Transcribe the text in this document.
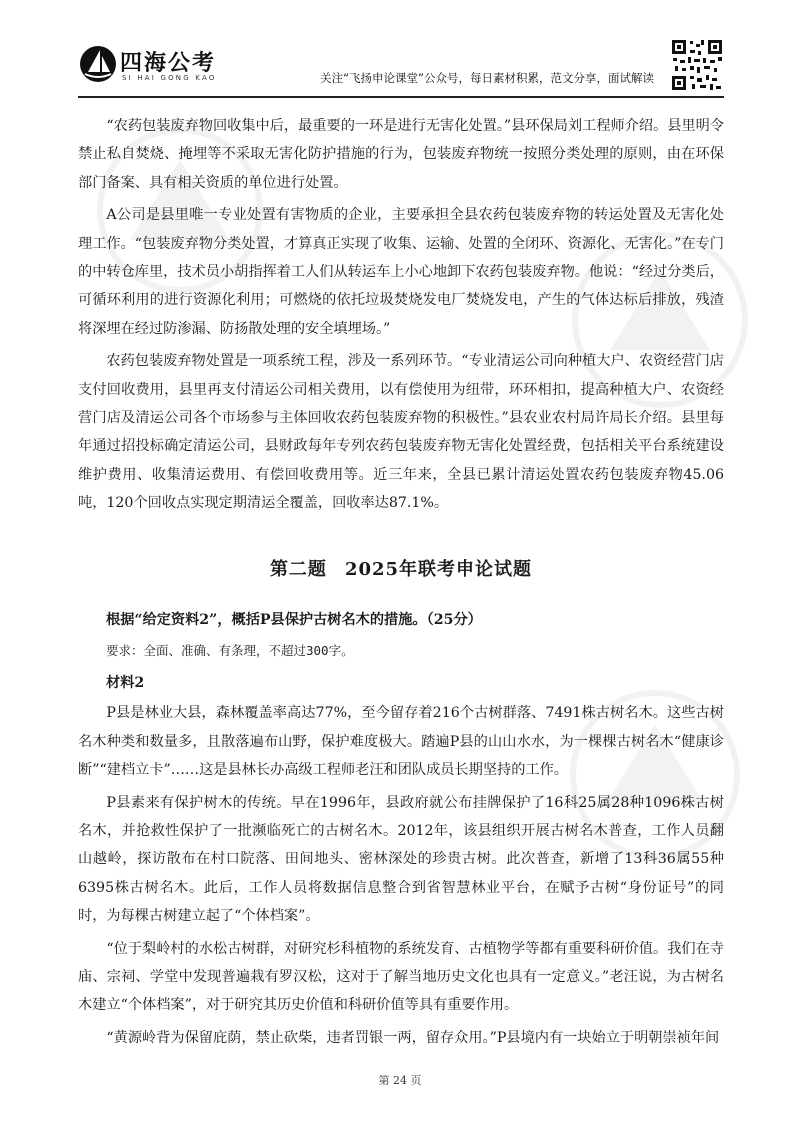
四海公考
SI HAI GONG KAO	关注“飞扬申论课堂”公众号，每日素材积累，范文分享，面试解读

“农药包装废弃物回收集中后，最重要的一环是进行无害化处置。”县环保局刘工程师介绍。县里明令禁止私自焚烧、掩埋等不采取无害化防护措施的行为，包装废弃物统一按照分类处理的原则，由在环保部门备案、具有相关资质的单位进行处置。

A公司是县里唯一专业处置有害物质的企业，主要承担全县农药包装废弃物的转运处置及无害化处理工作。“包装废弃物分类处置，才算真正实现了收集、运输、处置的全闭环、资源化、无害化。”在专门的中转仓库里，技术员小胡指挥着工人们从转运车上小心地卸下农药包装废弃物。他说：“经过分类后，可循环利用的进行资源化利用；可燃烧的依托垃圾焚烧发电厂焚烧发电，产生的气体达标后排放，残渣将深埋在经过防渗漏、防扬散处理的安全填埋场。”

农药包装废弃物处置是一项系统工程，涉及一系列环节。“专业清运公司向种植大户、农资经营门店支付回收费用，县里再支付清运公司相关费用，以有偿使用为纽带，环环相扣，提高种植大户、农资经营门店及清运公司各个市场参与主体回收农药包装废弃物的积极性。”县农业农村局许局长介绍。县里每年通过招投标确定清运公司，县财政每年专列农药包装废弃物无害化处置经费，包括相关平台系统建设维护费用、收集清运费用、有偿回收费用等。近三年来，全县已累计清运处置农药包装废弃物45.06吨，120个回收点实现定期清运全覆盖，回收率达87.1%。

第二题 2025年联考申论试题

根据“给定资料2”，概括P县保护古树名木的措施。（25分）

要求：全面、准确、有条理，不超过300字。

材料2

P县是林业大县，森林覆盖率高达77%，至今留存着216个古树群落、7491株古树名木。这些古树名木种类和数量多，且散落遍布山野，保护难度极大。踏遍P县的山山水水，为一棵棵古树名木“健康诊断”“建档立卡”……这是县林长办高级工程师老汪和团队成员长期坚持的工作。

P县素来有保护树木的传统。早在1996年，县政府就公布挂牌保护了16科25属28种1096株古树名木，并抢救性保护了一批濒临死亡的古树名木。2012年，该县组织开展古树名木普查，工作人员翻山越岭，探访散布在村口院落、田间地头、密林深处的珍贵古树。此次普查，新增了13科36属55种6395株古树名木。此后，工作人员将数据信息整合到省智慧林业平台，在赋予古树“身份证号”的同时，为每棵古树建立起了“个体档案”。

“位于梨岭村的水松古树群，对研究杉科植物的系统发育、古植物学等都有重要科研价值。我们在寺庙、宗祠、学堂中发现普遍栽有罗汉松，这对于了解当地历史文化也具有一定意义。”老汪说，为古树名木建立“个体档案”，对于研究其历史价值和科研价值等具有重要作用。

“黄源岭背为保留庇荫，禁止砍柴，违者罚银一两，留存众用。”P县境内有一块始立于明朝崇祯年间

第 24 页
